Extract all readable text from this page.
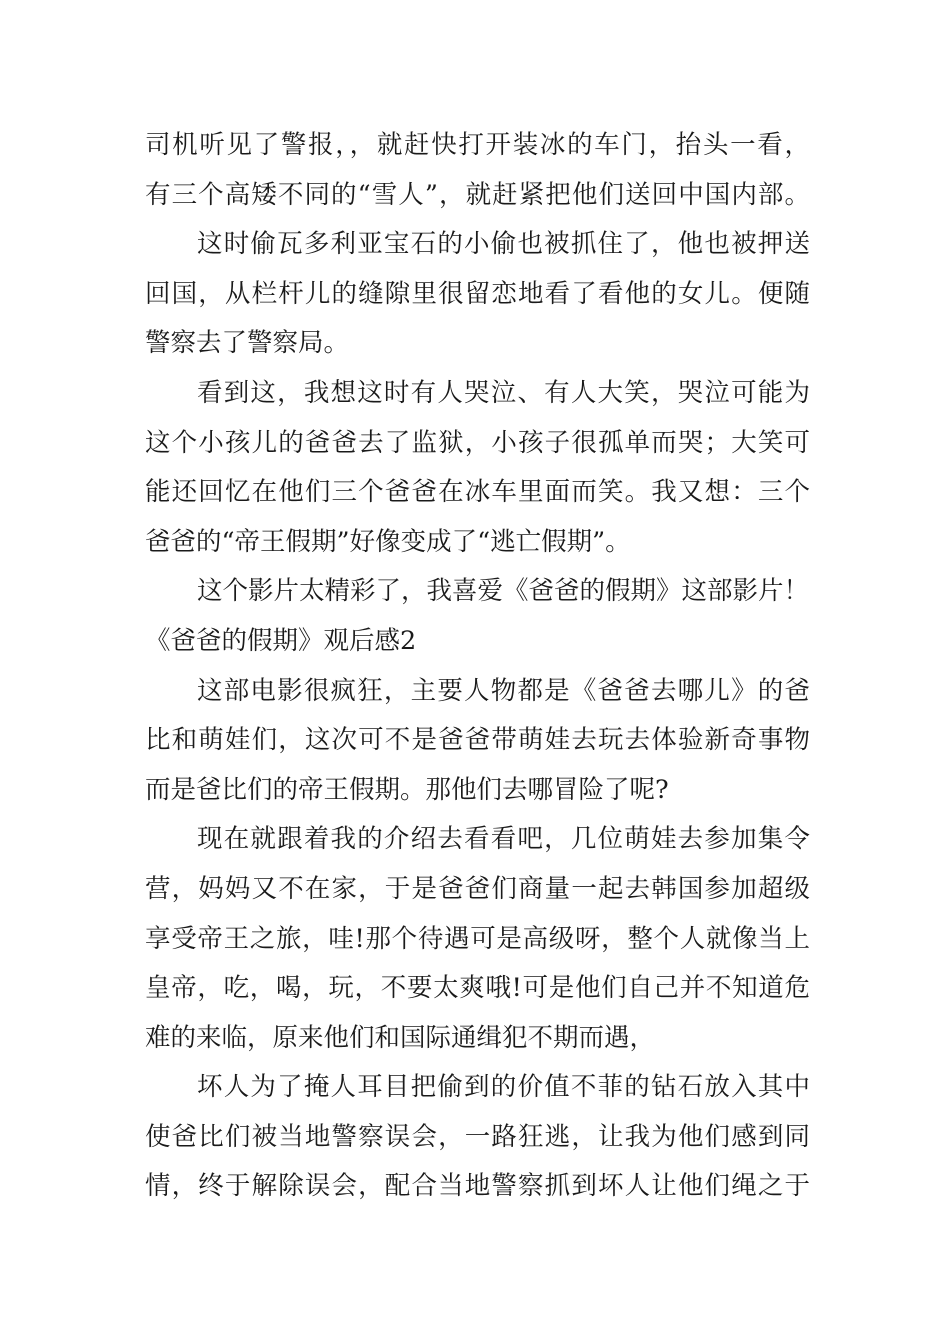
司机听见了警报，，就赶快打开装冰的车门，抬头一看，
有三个高矮不同的“雪人”，就赶紧把他们送回中国内部。
这时偷瓦多利亚宝石的小偷也被抓住了，他也被押送
回国，从栏杆儿的缝隙里很留恋地看了看他的女儿。便随
警察去了警察局。
看到这，我想这时有人哭泣、有人大笑，哭泣可能为
这个小孩儿的爸爸去了监狱，小孩子很孤单而哭；大笑可
能还回忆在他们三个爸爸在冰车里面而笑。我又想：三个
爸爸的“帝王假期”好像变成了“逃亡假期”。
这个影片太精彩了，我喜爱《爸爸的假期》这部影片！
《爸爸的假期》观后感2
这部电影很疯狂，主要人物都是《爸爸去哪儿》的爸
比和萌娃们，这次可不是爸爸带萌娃去玩去体验新奇事物
而是爸比们的帝王假期。那他们去哪冒险了呢?
现在就跟着我的介绍去看看吧，几位萌娃去参加集令
营，妈妈又不在家，于是爸爸们商量一起去韩国参加超级
享受帝王之旅，哇!那个待遇可是高级呀，整个人就像当上
皇帝，吃，喝，玩，不要太爽哦!可是他们自己并不知道危
难的来临，原来他们和国际通缉犯不期而遇，
坏人为了掩人耳目把偷到的价值不菲的钻石放入其中
使爸比们被当地警察误会，一路狂逃，让我为他们感到同
情，终于解除误会，配合当地警察抓到坏人让他们绳之于
